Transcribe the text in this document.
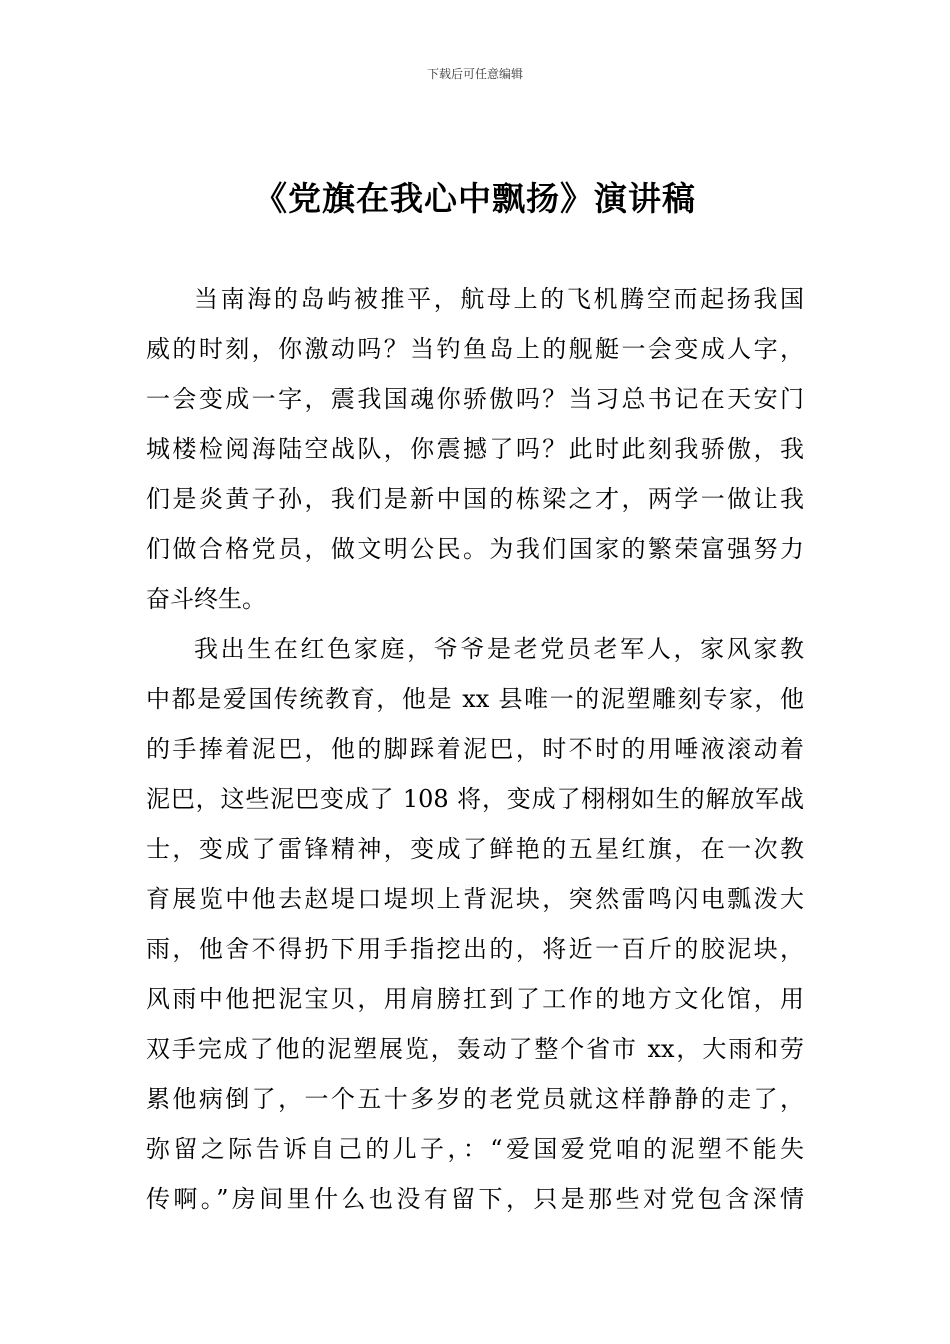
下载后可任意编辑
《党旗在我心中飘扬》演讲稿
当南海的岛屿被推平，航母上的飞机腾空而起扬我国
威的时刻，你激动吗？当钓鱼岛上的舰艇一会变成人字，
一会变成一字，震我国魂你骄傲吗？当习总书记在天安门
城楼检阅海陆空战队，你震撼了吗？此时此刻我骄傲，我
们是炎黄子孙，我们是新中国的栋梁之才，两学一做让我
们做合格党员，做文明公民。为我们国家的繁荣富强努力
奋斗终生。
我出生在红色家庭，爷爷是老党员老军人，家风家教
中都是爱国传统教育，他是 xx 县唯一的泥塑雕刻专家，他
的手捧着泥巴，他的脚踩着泥巴，时不时的用唾液滚动着
泥巴，这些泥巴变成了 108 将，变成了栩栩如生的解放军战
士，变成了雷锋精神，变成了鲜艳的五星红旗，在一次教
育展览中他去赵堤口堤坝上背泥块，突然雷鸣闪电瓢泼大
雨，他舍不得扔下用手指挖出的，将近一百斤的胶泥块，
风雨中他把泥宝贝，用肩膀扛到了工作的地方文化馆，用
双手完成了他的泥塑展览，轰动了整个省市 xx，大雨和劳
累他病倒了，一个五十多岁的老党员就这样静静的走了，
弥留之际告诉自己的儿子，：“爱国爱党咱的泥塑不能失
传啊。”房间里什么也没有留下，只是那些对党包含深情
